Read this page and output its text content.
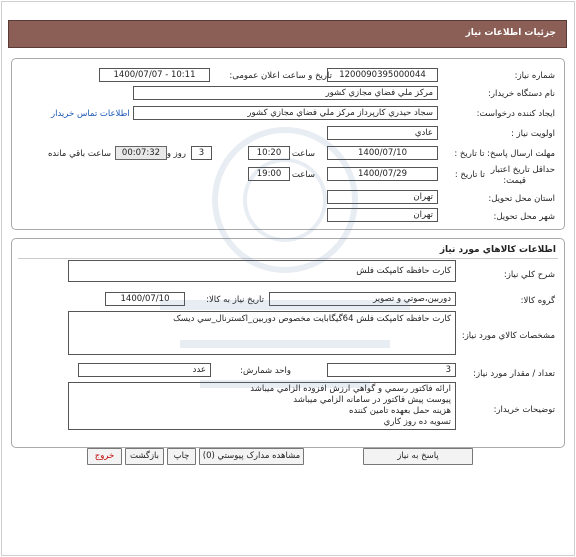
جزئيات اطلاعات نياز
شماره نياز:
1200090395000044
تاريخ و ساعت اعلان عمومی:
1400/07/07 - 10:11
نام دستگاه خريدار:
مرکز ملي فضاي مجازي کشور
ايجاد کننده درخواست:
سجاد حيدري کارپرداز مرکز ملي فضاي مجازي کشور
اطلاعات تماس خريدار
اولويت نياز :
عادي
مهلت ارسال پاسخ: تا تاريخ :
1400/07/10
ساعت
10:20
3
روز و
00:07:32
ساعت باقي مانده
حداقل تاريخ اعتبار
قيمت:
تا تاريخ :
1400/07/29
ساعت
19:00
استان محل تحويل:
تهران
شهر محل تحويل:
تهران
اطلاعات کالاهاي مورد نياز
شرح کلي نياز:
کارت حافظه کامپکت فلش
گروه کالا:
دوربين،صوتي و تصوير
تاريخ نياز به کالا:
1400/07/10
مشخصات کالاي مورد نياز:
کارت حافظه کامپکت فلش 64گيگابايت مخصوص دوربين_اکسترنال_سي ديسک
تعداد / مقدار مورد نياز:
3
واحد شمارش:
عدد
توضيحات خريدار:
ارائه فاکتور رسمي و گواهي ارزش افزوده الزامي ميباشد
پيوست پيش فاکتور در سامانه الزامي ميباشد
هزينه حمل بعهده تامين کننده
تسويه ده روز کاري
پاسخ به نياز
مشاهده مدارک پيوستي (0)
چاپ
بازگشت
خروج
